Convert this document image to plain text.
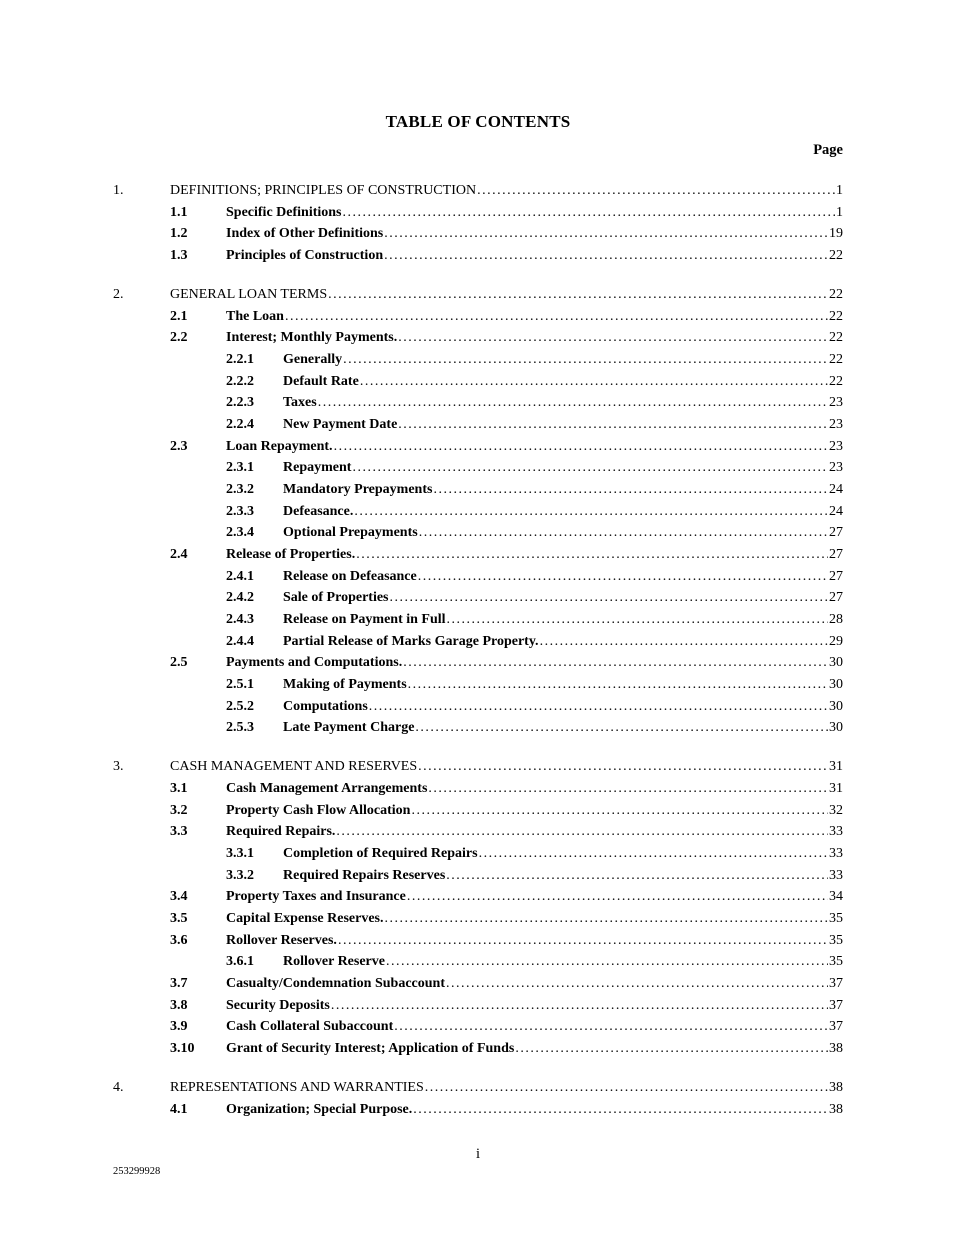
TABLE OF CONTENTS
Page
1.	DEFINITIONS; PRINCIPLES OF CONSTRUCTION .....	1
1.1	Specific Definitions .....	1
1.2	Index of Other Definitions .....	19
1.3	Principles of Construction .....	22
2.	GENERAL LOAN TERMS .....	22
2.1	The Loan .....	22
2.2	Interest; Monthly Payments. .....	22
2.2.1	Generally .....	22
2.2.2	Default Rate .....	22
2.2.3	Taxes .....	23
2.2.4	New Payment Date .....	23
2.3	Loan Repayment. .....	23
2.3.1	Repayment .....	23
2.3.2	Mandatory Prepayments .....	24
2.3.3	Defeasance. .....	24
2.3.4	Optional Prepayments .....	27
2.4	Release of Properties. .....	27
2.4.1	Release on Defeasance .....	27
2.4.2	Sale of Properties .....	27
2.4.3	Release on Payment in Full .....	28
2.4.4	Partial Release of Marks Garage Property. .....	29
2.5	Payments and Computations. .....	30
2.5.1	Making of Payments .....	30
2.5.2	Computations .....	30
2.5.3	Late Payment Charge .....	30
3.	CASH MANAGEMENT AND RESERVES .....	31
3.1	Cash Management Arrangements .....	31
3.2	Property Cash Flow Allocation .....	32
3.3	Required Repairs. .....	33
3.3.1	Completion of Required Repairs .....	33
3.3.2	Required Repairs Reserves .....	33
3.4	Property Taxes and Insurance .....	34
3.5	Capital Expense Reserves. .....	35
3.6	Rollover Reserves. .....	35
3.6.1	Rollover Reserve .....	35
3.7	Casualty/Condemnation Subaccount .....	37
3.8	Security Deposits .....	37
3.9	Cash Collateral Subaccount .....	37
3.10	Grant of Security Interest; Application of Funds .....	38
4.	REPRESENTATIONS AND WARRANTIES .....	38
4.1	Organization; Special Purpose. .....	38
i
253299928
